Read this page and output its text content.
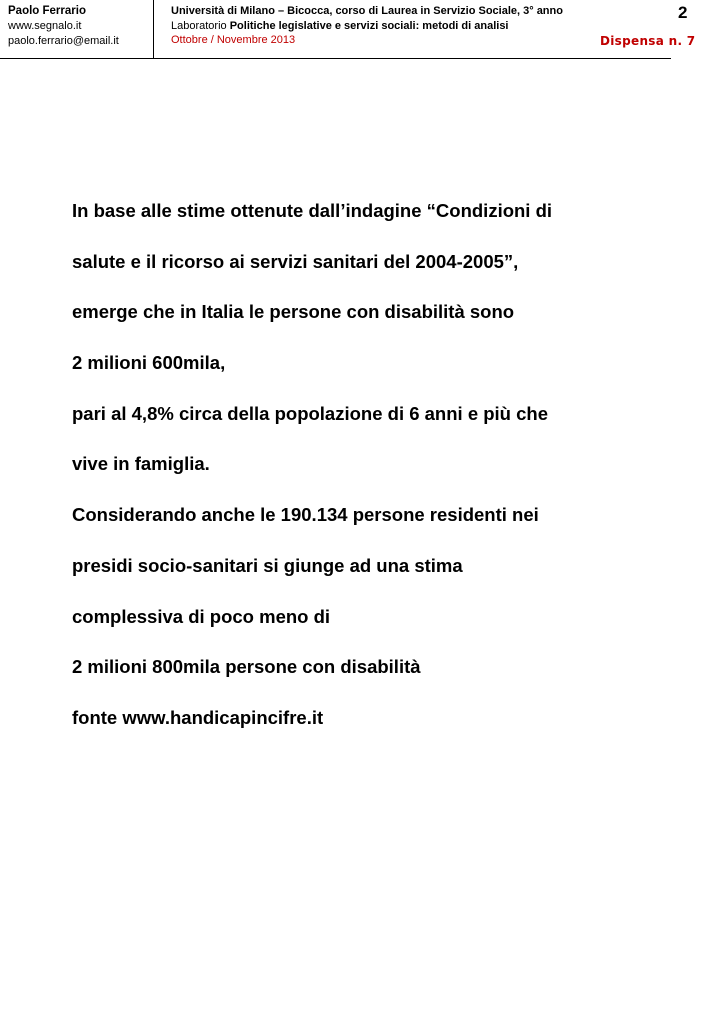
Paolo Ferrario
www.segnalo.it
paolo.ferrario@email.it
Università di Milano – Bicocca, corso di Laurea in Servizio Sociale, 3° anno
Laboratorio Politiche legislative e servizi sociali: metodi di analisi
Ottobre / Novembre 2013
2
Dispensa n. 7

In base alle stime ottenute dall’indagine “Condizioni di

salute e il ricorso ai servizi sanitari del 2004-2005”,

emerge che in Italia le persone con disabilità sono

2 milioni 600mila,

pari al 4,8% circa della popolazione di 6 anni e più che

vive in famiglia.

Considerando anche le 190.134 persone residenti nei

presidi socio-sanitari si giunge ad una stima

complessiva di poco meno di

2 milioni 800mila persone con disabilità

fonte www.handicapincifre.it
